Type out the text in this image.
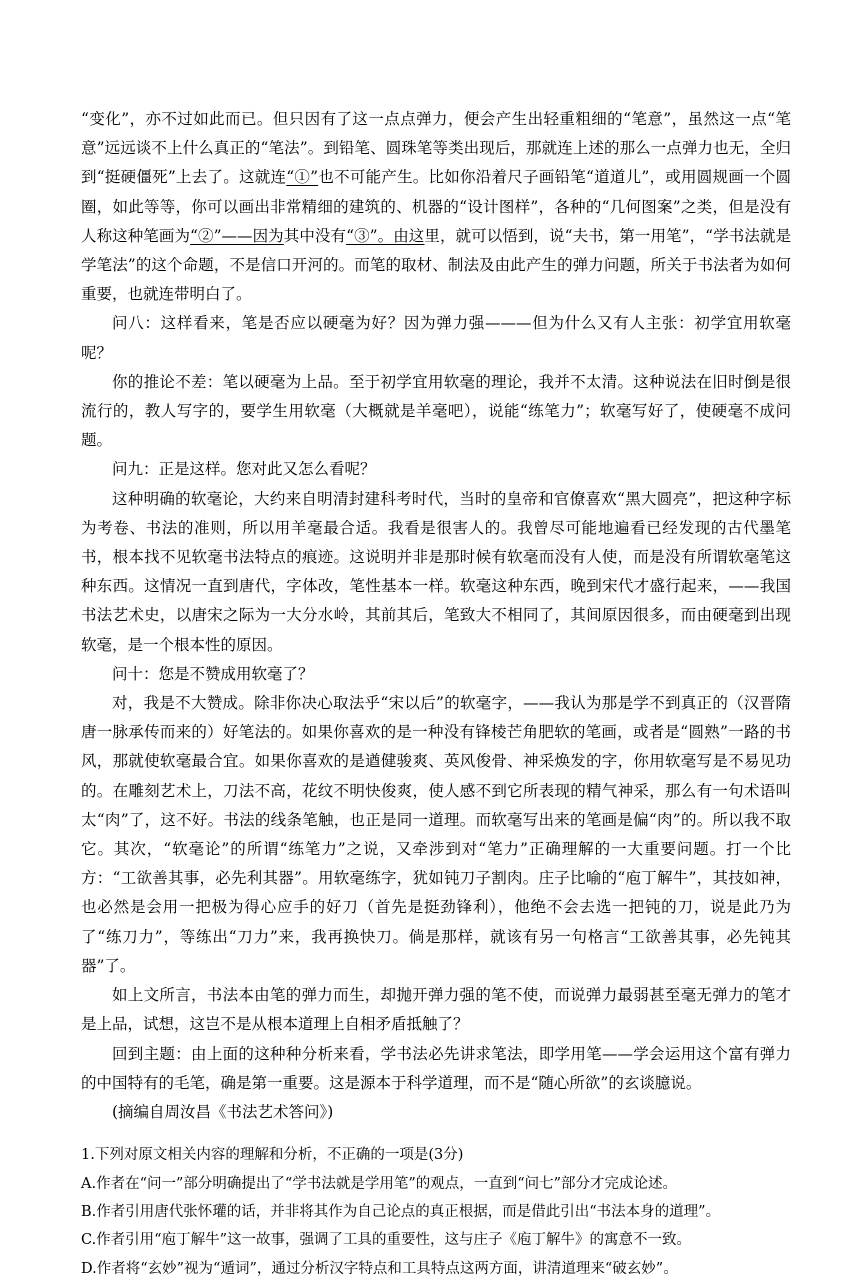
“变化”，亦不过如此而已。但只因有了这一点点弹力，便会产生出轻重粗细的“笔意”，虽然这一点“笔意”远远谈不上什么真正的“笔法”。到铅笔、圆珠笔等类出现后，那就连上述的那么一点弹力也无，全归到“挺硬僵死”上去了。这就连“①”也不可能产生。比如你沿着尺子画铅笔“道道儿”，或用圆规画一个圆圈，如此等等，你可以画出非常精细的建筑的、机器的“设计图样”，各种的“几何图案”之类，但是没有人称这种笔画为“②”——因为其中没有“③”。由这里，就可以悟到，说“夫书，第一用笔”，“学书法就是学笔法”的这个命题，不是信口开河的。而笔的取材、制法及由此产生的弹力问题，所关于书法者为如何重要，也就连带明白了。

问八：这样看来，笔是否应以硬毫为好？因为弹力强———但为什么又有人主张：初学宜用软毫呢？

你的推论不差：笔以硬毫为上品。至于初学宜用软毫的理论，我并不太清。这种说法在旧时倒是很流行的，教人写字的，要学生用软毫（大概就是羊毫吧），说能“练笔力”；软毫写好了，使硬毫不成问题。

问九：正是这样。您对此又怎么看呢？

这种明确的软毫论，大约来自明清封建科考时代，当时的皇帝和官僚喜欢“黑大圆亮”，把这种字标为考卷、书法的准则，所以用羊毫最合适。我看是很害人的。我曾尽可能地遍看已经发现的古代墨笔书，根本找不见软毫书法特点的痕迹。这说明并非是那时候有软毫而没有人使，而是没有所谓软毫笔这种东西。这情况一直到唐代，字体改，笔性基本一样。软毫这种东西，晚到宋代才盛行起来，——我国书法艺术史，以唐宋之际为一大分水岭，其前其后，笔致大不相同了，其间原因很多，而由硬毫到出现软毫，是一个根本性的原因。

问十：您是不赞成用软毫了？

对，我是不大赞成。除非你决心取法乎“宋以后”的软毫字，——我认为那是学不到真正的（汉晋隋唐一脉承传而来的）好笔法的。如果你喜欢的是一种没有锋棱芒角肥软的笔画，或者是“圆熟”一路的书风，那就使软毫最合宜。如果你喜欢的是遒健骏爽、英风俊骨、神采焕发的字，你用软毫写是不易见功的。在雕刻艺术上，刀法不高，花纹不明快俊爽，使人感不到它所表现的精气神采，那么有一句术语叫太“肉”了，这不好。书法的线条笔触，也正是同一道理。而软毫写出来的笔画是偏“肉”的。所以我不取它。其次，“软毫论”的所谓“练笔力”之说，又牵涉到对“笔力”正确理解的一大重要问题。打一个比方：“工欲善其事，必先利其器”。用软毫练字，犹如钝刀子割肉。庄子比喻的“庖丁解牛”，其技如神，也必然是会用一把极为得心应手的好刀（首先是挺劲锋利），他绝不会去选一把钝的刀，说是此乃为了“练刀力”，等练出“刀力”来，我再换快刀。倘是那样，就该有另一句格言“工欲善其事，必先钝其器”了。

如上文所言，书法本由笔的弹力而生，却抛开弹力强的笔不使，而说弹力最弱甚至毫无弹力的笔才是上品，试想，这岂不是从根本道理上自相矛盾抵触了？

回到主题：由上面的这种种分析来看，学书法必先讲求笔法，即学用笔——学会运用这个富有弹力的中国特有的毛笔，确是第一重要。这是源本于科学道理，而不是“随心所欲”的玄谈臆说。

(摘编自周汝昌《书法艺术答问》)

1.下列对原文相关内容的理解和分析，不正确的一项是(3分)

A.作者在“问一”部分明确提出了“学书法就是学用笔”的观点，一直到“问七”部分才完成论述。

B.作者引用唐代张怀瓘的话，并非将其作为自己论点的真正根据，而是借此引出“书法本身的道理”。

C.作者引用“庖丁解牛”这一故事，强调了工具的重要性，这与庄子《庖丁解牛》的寓意不一致。

D.作者将“玄妙”视为“遁词”，通过分析汉字特点和工具特点这两方面，讲清道理来“破玄妙”。
